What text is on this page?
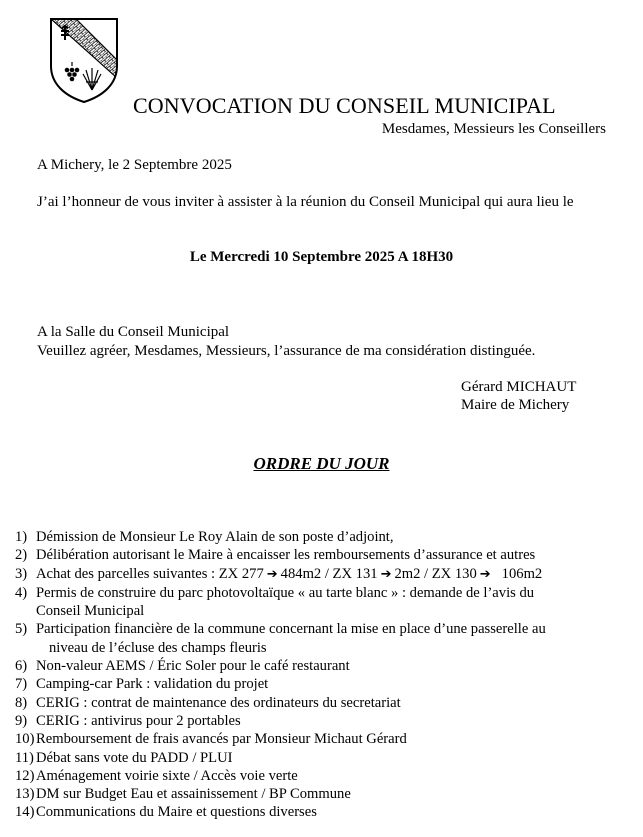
CONVOCATION DU CONSEIL MUNICIPAL
Mesdames, Messieurs les Conseillers
A Michery, le 2 Septembre 2025
J’ai l’honneur de vous inviter à assister à la réunion du Conseil Municipal qui aura lieu le
Le Mercredi 10 Septembre 2025 A 18H30
A la Salle du Conseil Municipal
Veuillez agréer, Mesdames, Messieurs, l’assurance de ma considération distinguée.
Gérard MICHAUT
Maire de Michery
ORDRE DU JOUR
1) Démission de Monsieur Le Roy Alain de son poste d’adjoint,
2) Délibération autorisant le Maire à encaisser les remboursements d’assurance et autres
3) Achat des parcelles suivantes : ZX 277 ➔ 484m2 / ZX 131 ➔ 2m2 / ZX 130 ➔ 106m2
4) Permis de construire du parc photovoltaïque « au tarte blanc » : demande de l’avis du
Conseil Municipal
5) Participation financière de la commune concernant la mise en place d’une passerelle au
niveau de l’écluse des champs fleuris
6) Non-valeur AEMS / Éric Soler pour le café restaurant
7) Camping-car Park : validation du projet
8) CERIG : contrat de maintenance des ordinateurs du secretariat
9) CERIG : antivirus pour 2 portables
10) Remboursement de frais avancés par Monsieur Michaut Gérard
11) Débat sans vote du PADD / PLUI
12) Aménagement voirie sixte / Accès voie verte
13) DM sur Budget Eau et assainissement / BP Commune
14) Communications du Maire et questions diverses
